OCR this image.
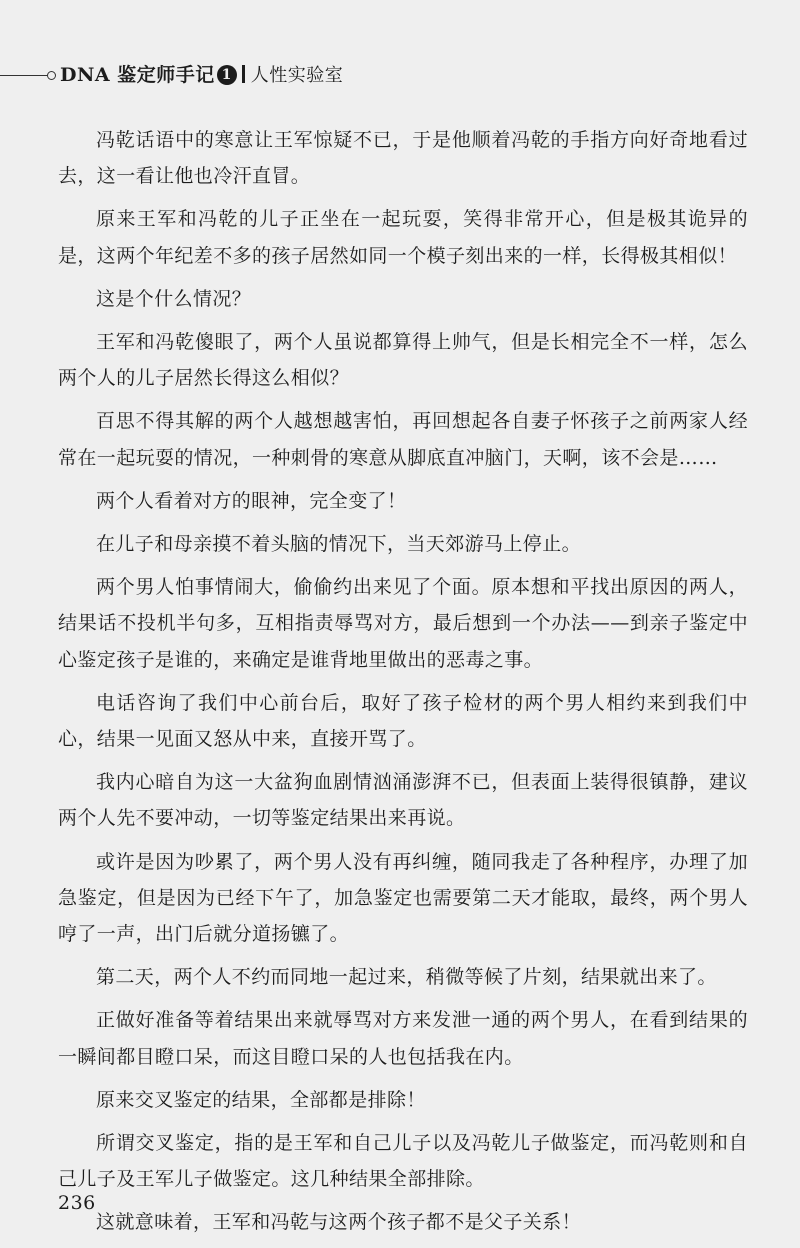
DNA 鉴定师手记 1 人性实验室

冯乾话语中的寒意让王军惊疑不已，于是他顺着冯乾的手指方向好奇地看过去，这一看让他也冷汗直冒。

原来王军和冯乾的儿子正坐在一起玩耍，笑得非常开心，但是极其诡异的是，这两个年纪差不多的孩子居然如同一个模子刻出来的一样，长得极其相似！

这是个什么情况？

王军和冯乾傻眼了，两个人虽说都算得上帅气，但是长相完全不一样，怎么两个人的儿子居然长得这么相似？

百思不得其解的两个人越想越害怕，再回想起各自妻子怀孩子之前两家人经常在一起玩耍的情况，一种刺骨的寒意从脚底直冲脑门，天啊，该不会是……

两个人看着对方的眼神，完全变了！

在儿子和母亲摸不着头脑的情况下，当天郊游马上停止。

两个男人怕事情闹大，偷偷约出来见了个面。原本想和平找出原因的两人，结果话不投机半句多，互相指责辱骂对方，最后想到一个办法——到亲子鉴定中心鉴定孩子是谁的，来确定是谁背地里做出的恶毒之事。

电话咨询了我们中心前台后，取好了孩子检材的两个男人相约来到我们中心，结果一见面又怒从中来，直接开骂了。

我内心暗自为这一大盆狗血剧情汹涌澎湃不已，但表面上装得很镇静，建议两个人先不要冲动，一切等鉴定结果出来再说。

或许是因为吵累了，两个男人没有再纠缠，随同我走了各种程序，办理了加急鉴定，但是因为已经下午了，加急鉴定也需要第二天才能取，最终，两个男人哼了一声，出门后就分道扬镳了。

第二天，两个人不约而同地一起过来，稍微等候了片刻，结果就出来了。

正做好准备等着结果出来就辱骂对方来发泄一通的两个男人，在看到结果的一瞬间都目瞪口呆，而这目瞪口呆的人也包括我在内。

原来交叉鉴定的结果，全部都是排除！

所谓交叉鉴定，指的是王军和自己儿子以及冯乾儿子做鉴定，而冯乾则和自己儿子及王军儿子做鉴定。这几种结果全部排除。

这就意味着，王军和冯乾与这两个孩子都不是父子关系！

236
